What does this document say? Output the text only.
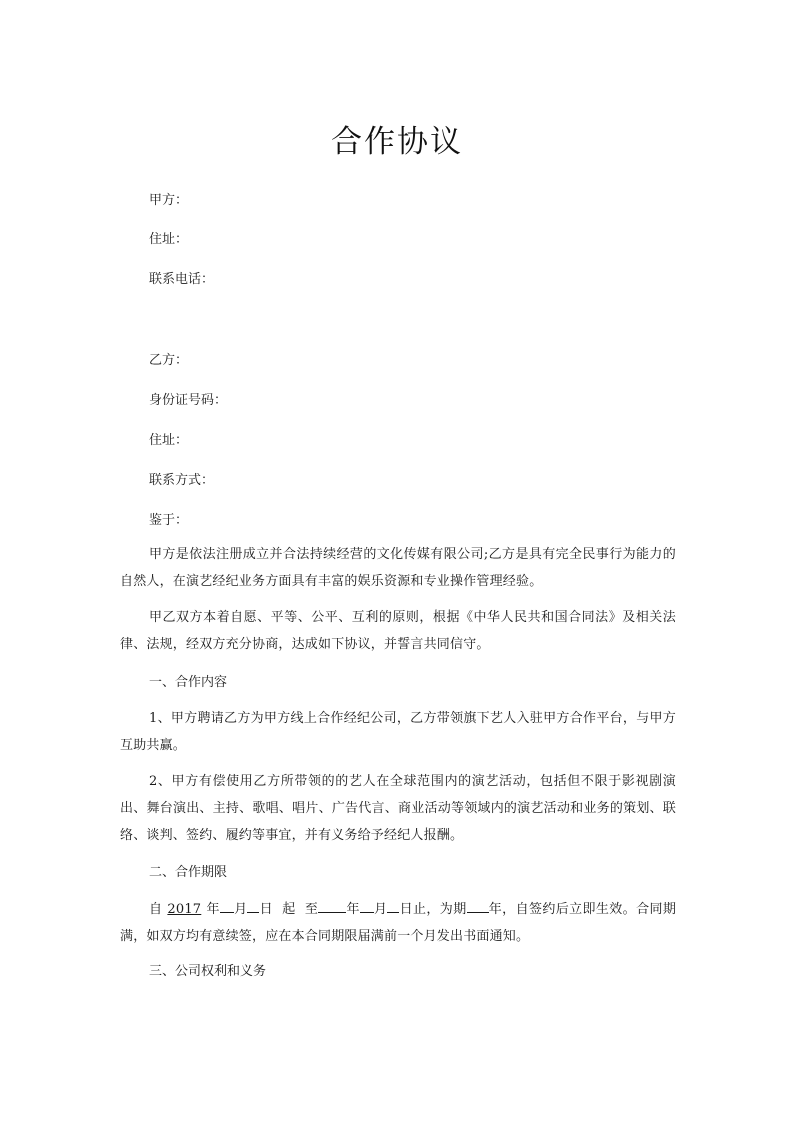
合作协议

甲方：

住址：

联系电话：

乙方：

身份证号码：

住址：

联系方式：

鉴于：

甲方是依法注册成立并合法持续经营的文化传媒有限公司;乙方是具有完全民事行为能力的自然人，在演艺经纪业务方面具有丰富的娱乐资源和专业操作管理经验。

甲乙双方本着自愿、平等、公平、互利的原则，根据《中华人民共和国合同法》及相关法律、法规，经双方充分协商，达成如下协议，并誓言共同信守。

一、合作内容

1、甲方聘请乙方为甲方线上合作经纪公司，乙方带领旗下艺人入驻甲方合作平台，与甲方互助共赢。

2、甲方有偿使用乙方所带领的的艺人在全球范围内的演艺活动，包括但不限于影视剧演出、舞台演出、主持、歌唱、唱片、广告代言、商业活动等领域内的演艺活动和业务的策划、联络、谈判、签约、履约等事宜，并有义务给予经纪人报酬。

二、合作期限

自 2017 年 月 日 起 至 年 月 日止，为期 年，自签约后立即生效。合同期满，如双方均有意续签，应在本合同期限届满前一个月发出书面通知。

三、公司权利和义务
